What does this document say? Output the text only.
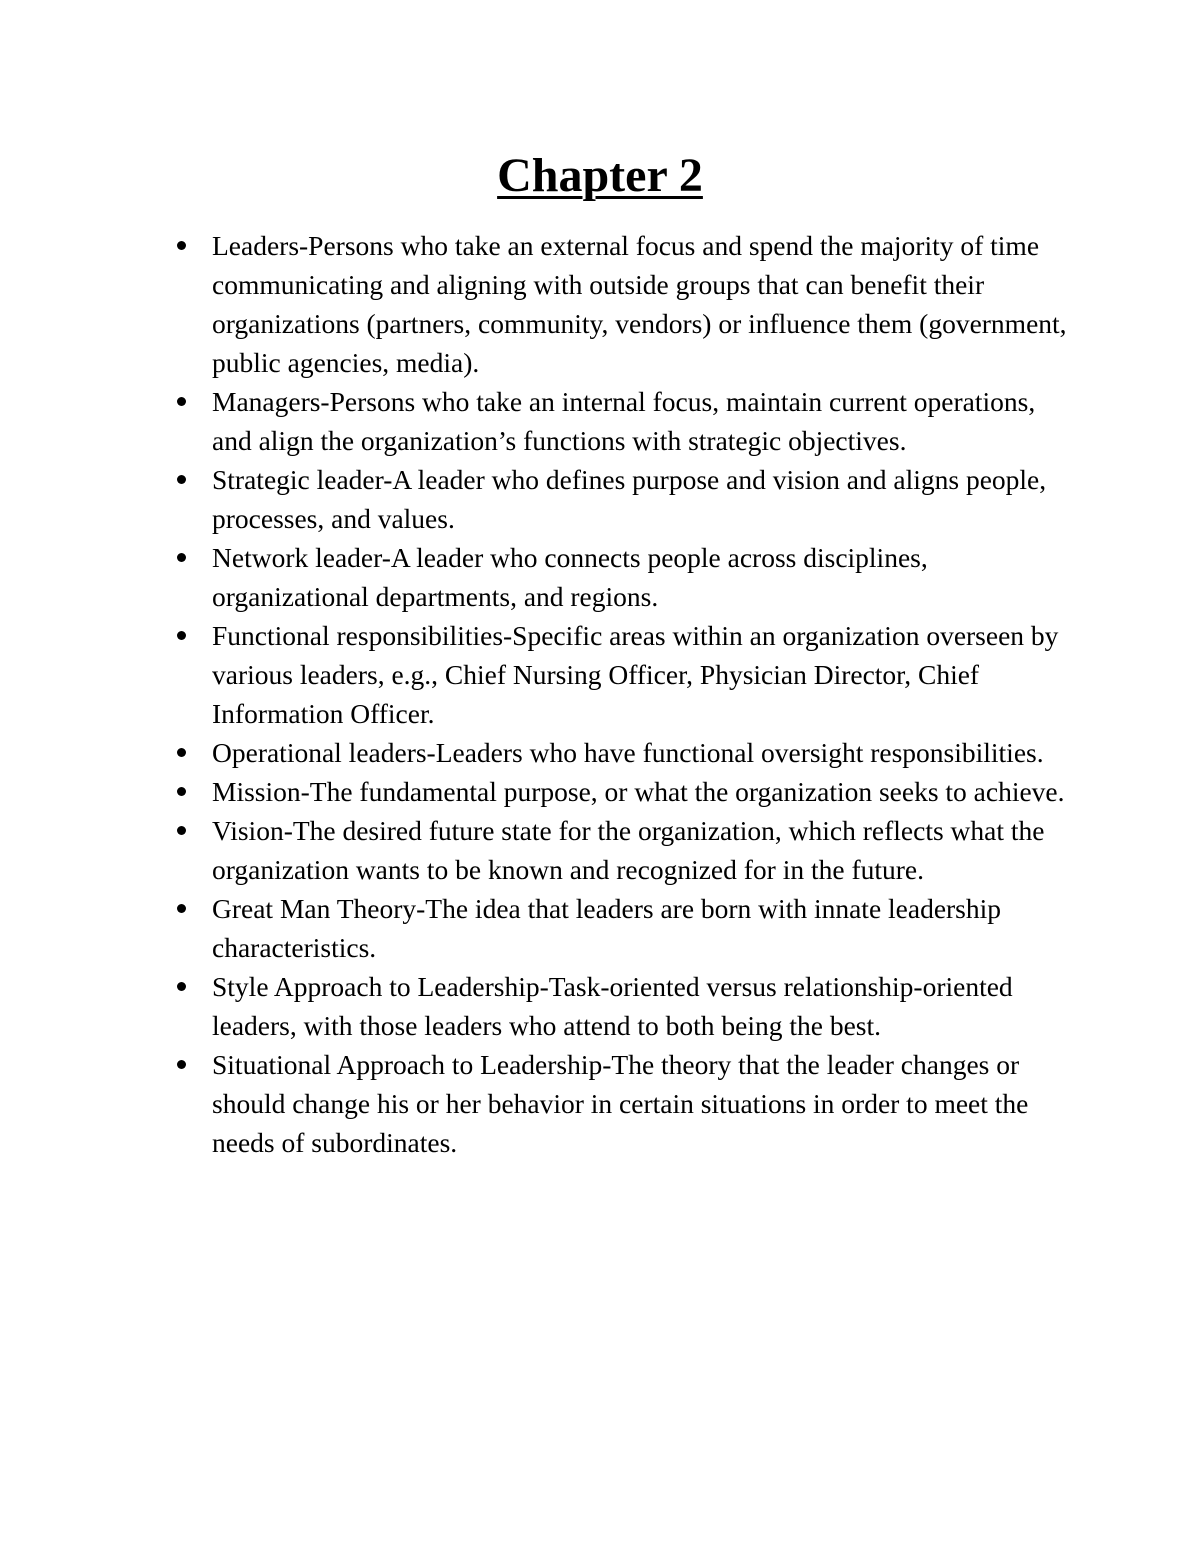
Chapter 2
Leaders-Persons who take an external focus and spend the majority of time communicating and aligning with outside groups that can benefit their organizations (partners, community, vendors) or influence them (government, public agencies, media).
Managers-Persons who take an internal focus, maintain current operations, and align the organization’s functions with strategic objectives.
Strategic leader-A leader who defines purpose and vision and aligns people, processes, and values.
Network leader-A leader who connects people across disciplines, organizational departments, and regions.
Functional responsibilities-Specific areas within an organization overseen by various leaders, e.g., Chief Nursing Officer, Physician Director, Chief Information Officer.
Operational leaders-Leaders who have functional oversight responsibilities.
Mission-The fundamental purpose, or what the organization seeks to achieve.
Vision-The desired future state for the organization, which reflects what the organization wants to be known and recognized for in the future.
Great Man Theory-The idea that leaders are born with innate leadership characteristics.
Style Approach to Leadership-Task-oriented versus relationship-oriented leaders, with those leaders who attend to both being the best.
Situational Approach to Leadership-The theory that the leader changes or should change his or her behavior in certain situations in order to meet the needs of subordinates.
